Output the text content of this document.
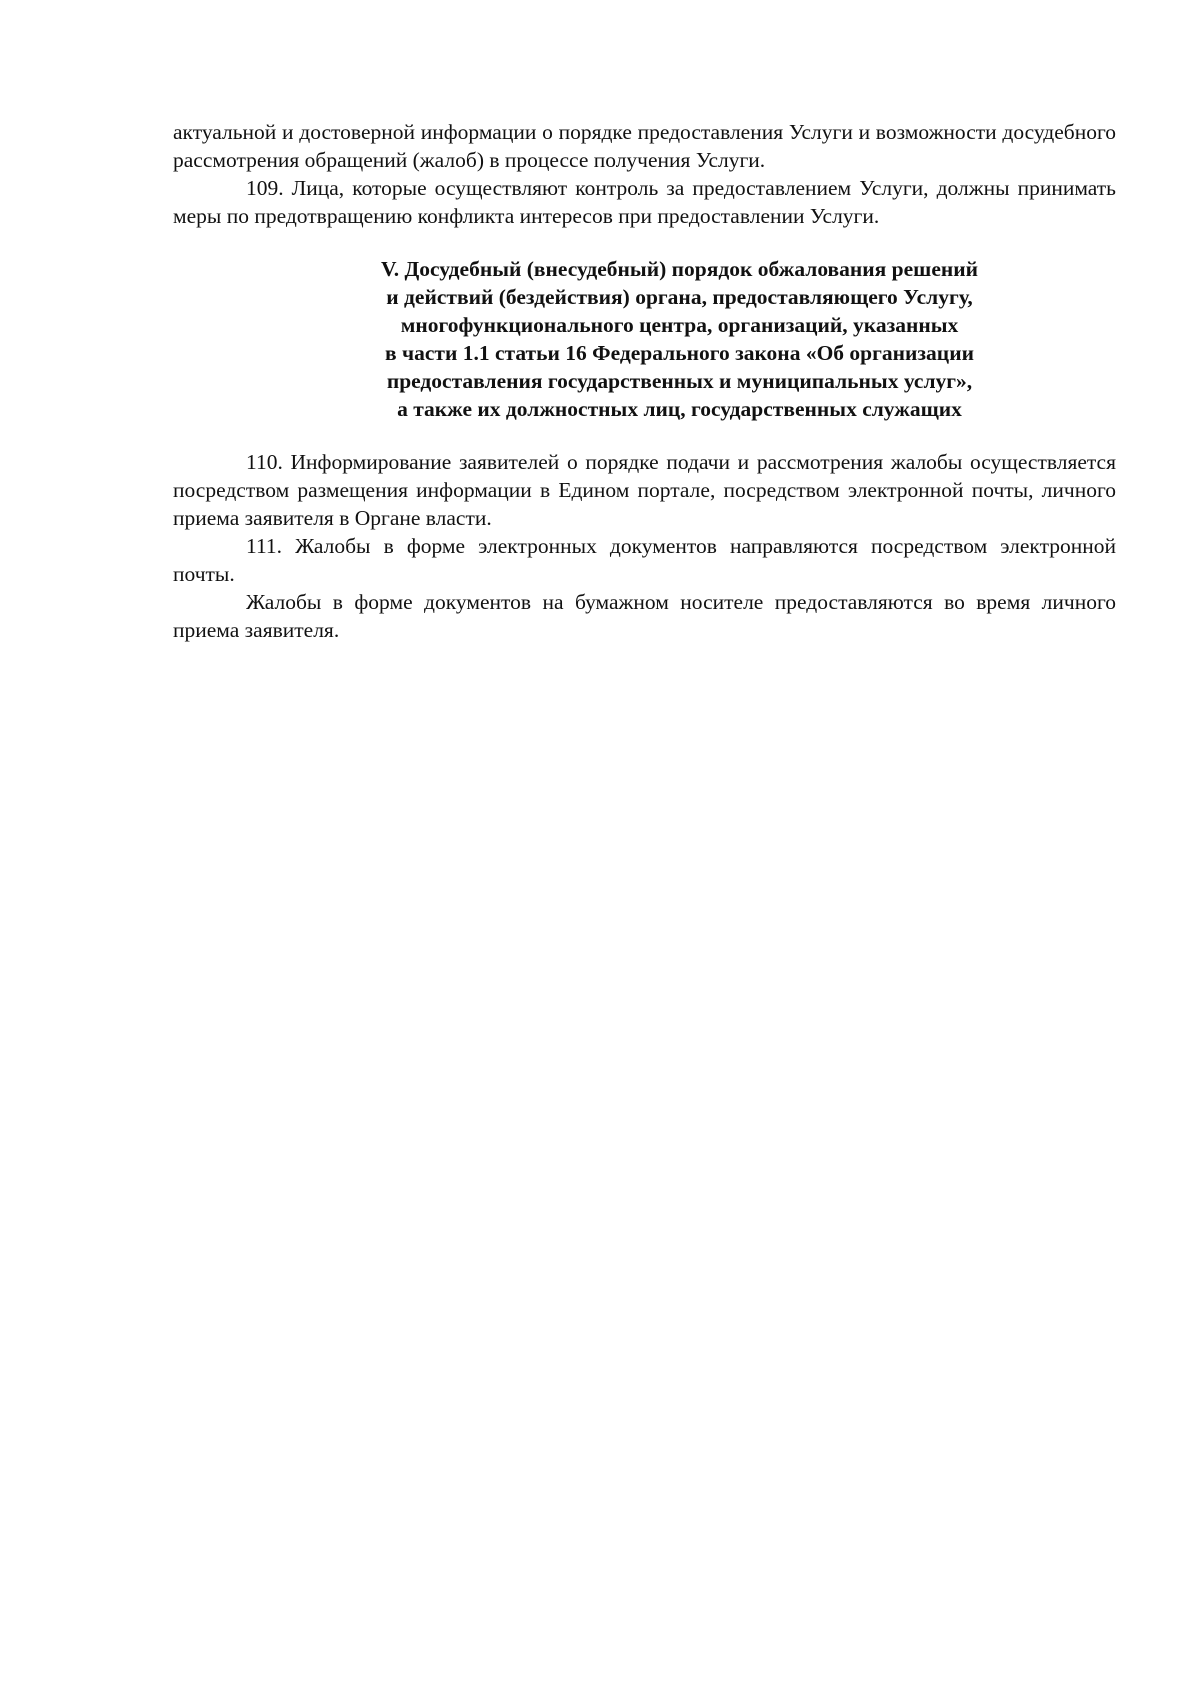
актуальной и достоверной информации о порядке предоставления Услуги и возможности досудебного рассмотрения обращений (жалоб) в процессе получения Услуги.

109. Лица, которые осуществляют контроль за предоставлением Услуги, должны принимать меры по предотвращению конфликта интересов при предоставлении Услуги.

V. Досудебный (внесудебный) порядок обжалования решений
и действий (бездействия) органа, предоставляющего Услугу,
многофункционального центра, организаций, указанных
в части 1.1 статьи 16 Федерального закона «Об организации
предоставления государственных и муниципальных услуг»,
а также их должностных лиц, государственных служащих

110. Информирование заявителей о порядке подачи и рассмотрения жалобы осуществляется посредством размещения информации в Едином портале, посредством электронной почты, личного приема заявителя в Органе власти.

111. Жалобы в форме электронных документов направляются посредством электронной почты.

Жалобы в форме документов на бумажном носителе предоставляются во время личного приема заявителя.
